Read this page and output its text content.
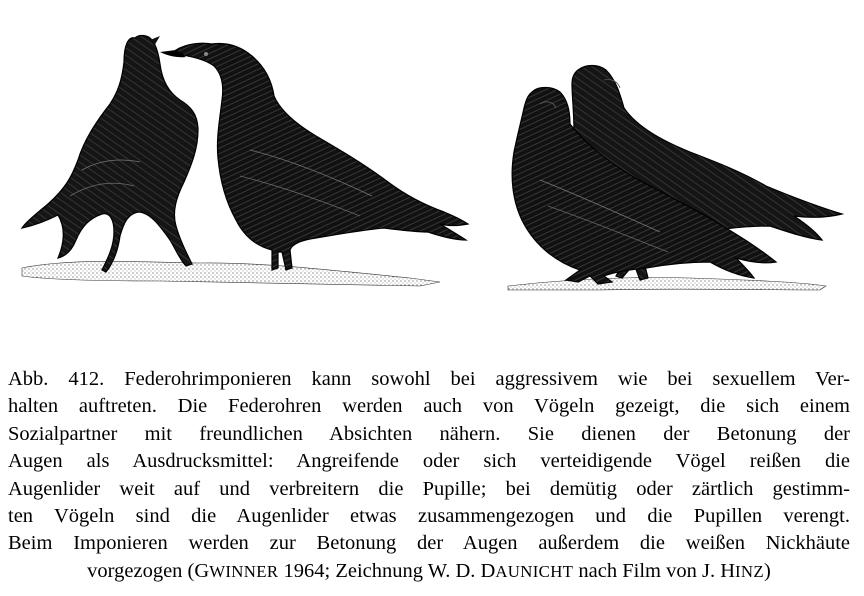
Abb. 412. Federohrimponieren kann sowohl bei aggressivem wie bei sexuellem Ver-
halten auftreten. Die Federohren werden auch von Vögeln gezeigt, die sich einem
Sozialpartner mit freundlichen Absichten nähern. Sie dienen der Betonung der
Augen als Ausdrucksmittel: Angreifende oder sich verteidigende Vögel reißen die
Augenlider weit auf und verbreitern die Pupille; bei demütig oder zärtlich gestimm-
ten Vögeln sind die Augenlider etwas zusammengezogen und die Pupillen verengt.
Beim Imponieren werden zur Betonung der Augen außerdem die weißen Nickhäute
vorgezogen (GWINNER 1964; Zeichnung W. D. DAUNICHT nach Film von J. HINZ)
